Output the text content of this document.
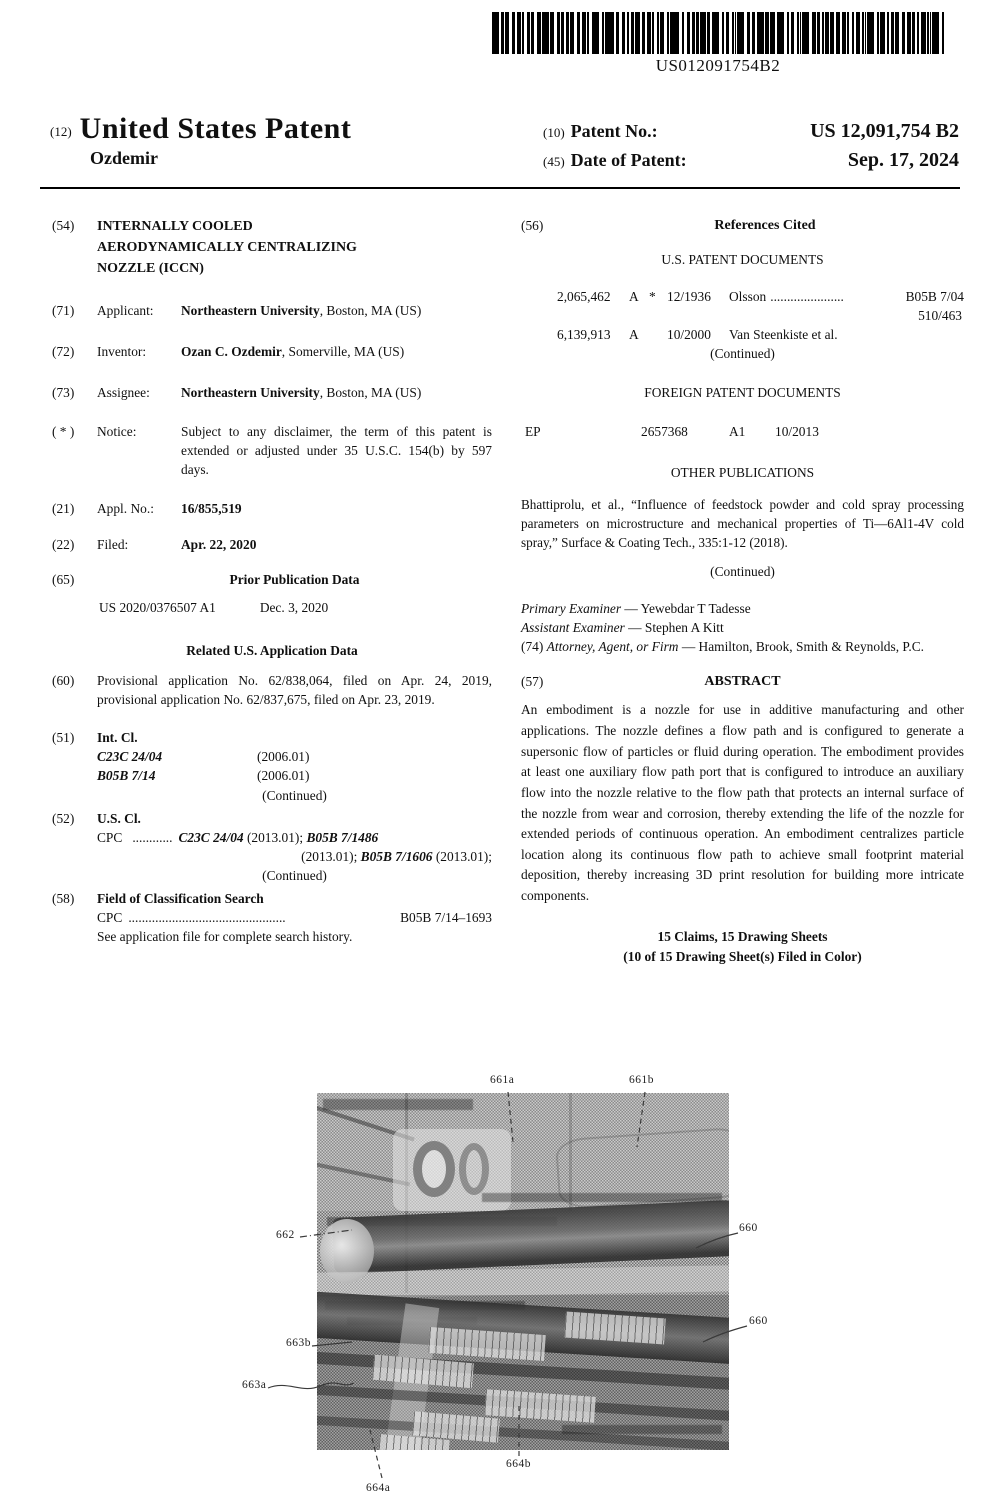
US012091754B2
(12) United States Patent
Ozdemir
(10) Patent No.:	US 12,091,754 B2
(45) Date of Patent:	Sep. 17, 2024
(54)	INTERNALLY COOLED
AERODYNAMICALLY CENTRALIZING
NOZZLE (ICCN)
(71)	Applicant:	Northeastern University, Boston, MA (US)
(72)	Inventor:	Ozan C. Ozdemir, Somerville, MA (US)
(73)	Assignee:	Northeastern University, Boston, MA (US)
( * )	Notice:	Subject to any disclaimer, the term of this patent is extended or adjusted under 35 U.S.C. 154(b) by 597 days.
(21)	Appl. No.:	16/855,519
(22)	Filed:	Apr. 22, 2020
(65)	Prior Publication Data
US 2020/0376507 A1	Dec. 3, 2020
Related U.S. Application Data
(60)	Provisional application No. 62/838,064, filed on Apr. 24, 2019, provisional application No. 62/837,675, filed on Apr. 23, 2019.
(51)	Int. Cl.
C23C 24/04	(2006.01)
B05B 7/14	(2006.01)
(Continued)
(52)	U.S. Cl.
CPC ............ C23C 24/04 (2013.01); B05B 7/1486
(2013.01); B05B 7/1606 (2013.01);
(Continued)
(58)	Field of Classification Search
CPC ...............................................	B05B 7/14–1693
See application file for complete search history.
(56)	References Cited
U.S. PATENT DOCUMENTS
2,065,462	A * 12/1936	Olsson ......................	B05B 7/04
510/463
6,139,913	A	10/2000	Van Steenkiste et al.
(Continued)
FOREIGN PATENT DOCUMENTS
EP	2657368	A1	10/2013
OTHER PUBLICATIONS
Bhattiprolu, et al., “Influence of feedstock powder and cold spray processing parameters on microstructure and mechanical properties of Ti—6Al1-4V cold spray,” Surface & Coating Tech., 335:1-12 (2018).
(Continued)
Primary Examiner — Yewebdar T Tadesse
Assistant Examiner — Stephen A Kitt
(74) Attorney, Agent, or Firm — Hamilton, Brook, Smith & Reynolds, P.C.
(57)	ABSTRACT
An embodiment is a nozzle for use in additive manufacturing and other applications. The nozzle defines a flow path and is configured to generate a supersonic flow of particles or fluid during operation. The embodiment provides at least one auxiliary flow path port that is configured to introduce an auxiliary flow into the nozzle relative to the flow path that protects an internal surface of the nozzle from wear and corrosion, thereby extending the life of the nozzle for extended periods of continuous operation. An embodiment centralizes particle location along its continuous flow path to achieve small footprint material deposition, thereby increasing 3D print resolution for building more intricate components.
15 Claims, 15 Drawing Sheets
(10 of 15 Drawing Sheet(s) Filed in Color)
661a	661b
662
660
663b
663a
660
664b
664a
